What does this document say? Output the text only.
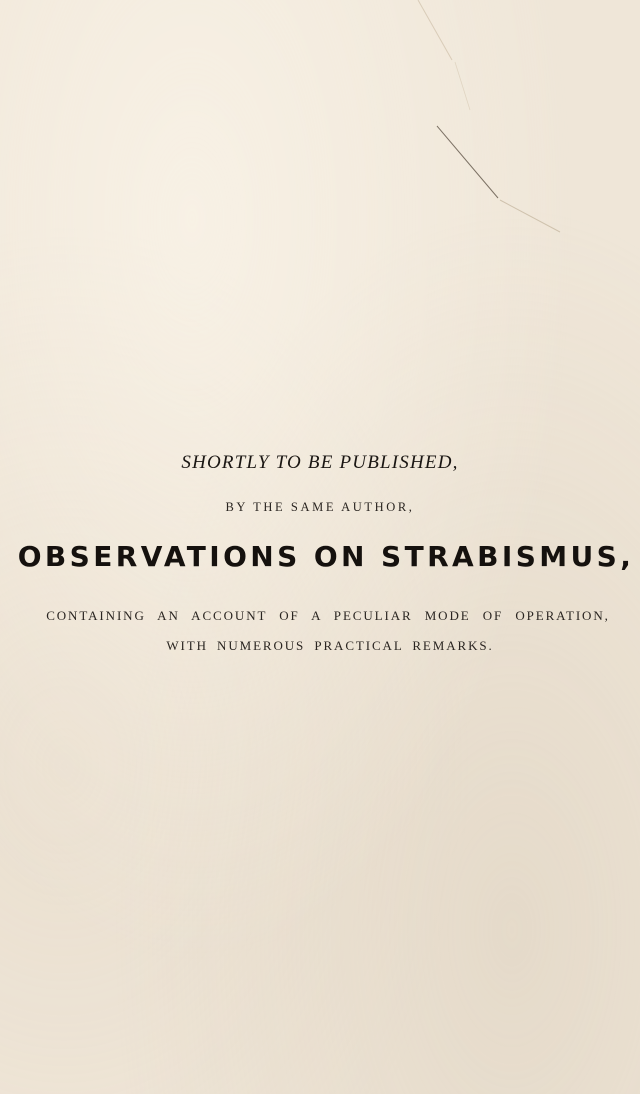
SHORTLY TO BE PUBLISHED,
BY THE SAME AUTHOR,
OBSERVATIONS ON STRABISMUS,
CONTAINING AN ACCOUNT OF A PECULIAR MODE OF OPERATION,
WITH NUMEROUS PRACTICAL REMARKS.
